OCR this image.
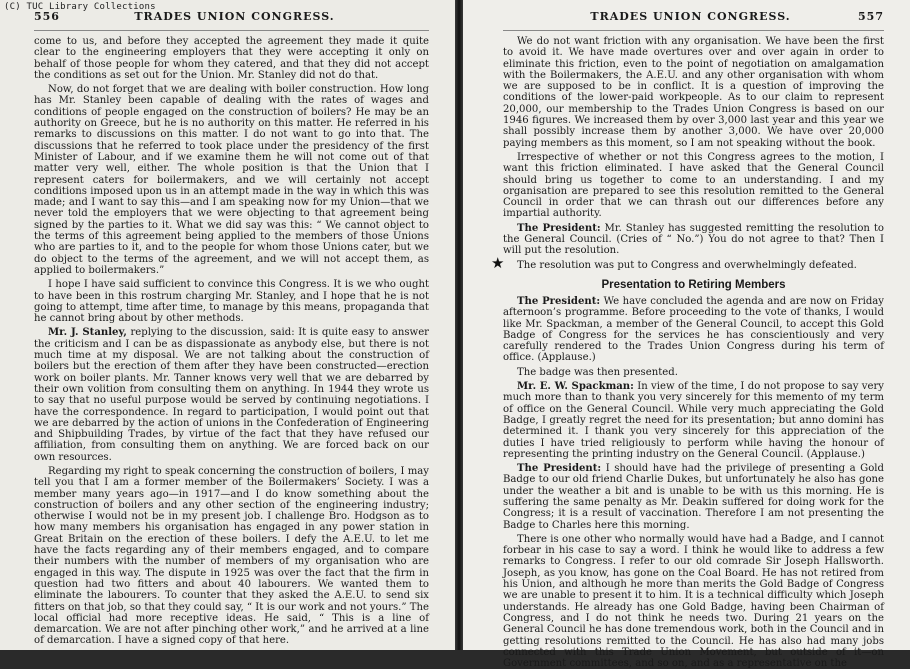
556	TRADES UNION CONGRESS.

come to us, and before they accepted the agreement they made it quite clear to the engineering employers that they were accepting it only on behalf of those people for whom they catered, and that they did not accept the conditions as set out for the Union. Mr. Stanley did not do that.

Now, do not forget that we are dealing with boiler construction. How long has Mr. Stanley been capable of dealing with the rates of wages and conditions of people engaged on the construction of boilers? He may be an authority on Greece, but he is no authority on this matter. He referred in his remarks to discussions on this matter. I do not want to go into that. The discussions that he referred to took place under the presidency of the first Minister of Labour, and if we examine them he will not come out of that matter very well, either. The whole position is that the Union that I represent caters for boilermakers, and we will certainly not accept conditions imposed upon us in an attempt made in the way in which this was made; and I want to say this—and I am speaking now for my Union—that we never told the employers that we were objecting to that agreement being signed by the parties to it. What we did say was this: “ We cannot object to the terms of this agreement being applied to the members of those Unions who are parties to it, and to the people for whom those Unions cater, but we do object to the terms of the agreement, and we will not accept them, as applied to boilermakers.”

I hope I have said sufficient to convince this Congress. It is we who ought to have been in this rostrum charging Mr. Stanley, and I hope that he is not going to attempt, time after time, to manage by this means, propaganda that he cannot bring about by other methods.

Mr. J. Stanley, replying to the discussion, said: It is quite easy to answer the criticism and I can be as dispassionate as anybody else, but there is not much time at my disposal. We are not talking about the construction of boilers but the erection of them after they have been constructed—erection work on boiler plants. Mr. Tanner knows very well that we are debarred by their own volition from consulting them on anything. In 1944 they wrote us to say that no useful purpose would be served by continuing negotiations. I have the correspondence. In regard to participation, I would point out that we are debarred by the action of unions in the Confederation of Engineering and Shipbuilding Trades, by virtue of the fact that they have refused our affiliation, from consulting them on anything. We are forced back on our own resources.

Regarding my right to speak concerning the construction of boilers, I may tell you that I am a former member of the Boilermakers’ Society. I was a member many years ago—in 1917—and I do know something about the construction of boilers and any other section of the engineering industry; otherwise I would not be in my present job. I challenge Bro. Hodgson as to how many members his organisation has engaged in any power station in Great Britain on the erection of these boilers. I defy the A.E.U. to let me have the facts regarding any of their members engaged, and to compare their numbers with the number of members of my organisation who are engaged in this way. The dispute in 1925 was over the fact that the firm in question had two fitters and about 40 labourers. We wanted them to eliminate the labourers. To counter that they asked the A.E.U. to send six fitters on that job, so that they could say, “ It is our work and not yours.” The local official had more receptive ideas. He said, “ This is a line of demarcation. We are not after pinching other work,” and he arrived at a line of demarcation. I have a signed copy of that here.

TRADES UNION CONGRESS.	557

We do not want friction with any organisation. We have been the first to avoid it. We have made overtures over and over again in order to eliminate this friction, even to the point of negotiation on amalgamation with the Boilermakers, the A.E.U. and any other organisation with whom we are supposed to be in conflict. It is a question of improving the conditions of the lower-paid workpeople. As to our claim to represent 20,000, our membership to the Trades Union Congress is based on our 1946 figures. We increased them by over 3,000 last year and this year we shall possibly increase them by another 3,000. We have over 20,000 paying members as this moment, so I am not speaking without the book.

Irrespective of whether or not this Congress agrees to the motion, I want this friction eliminated. I have asked that the General Council should bring us together to come to an understanding. I and my organisation are prepared to see this resolution remitted to the General Council in order that we can thrash out our differences before any impartial authority.

The President: Mr. Stanley has suggested remitting the resolution to the General Council. (Cries of “ No.”) You do not agree to that? Then I will put the resolution.

★ The resolution was put to Congress and overwhelmingly defeated.

Presentation to Retiring Members

The President: We have concluded the agenda and are now on Friday afternoon’s programme. Before proceeding to the vote of thanks, I would like Mr. Spackman, a member of the General Council, to accept this Gold Badge of Congress for the services he has conscientiously and very carefully rendered to the Trades Union Congress during his term of office. (Applause.)

The badge was then presented.

Mr. E. W. Spackman: In view of the time, I do not propose to say very much more than to thank you very sincerely for this memento of my term of office on the General Council. While very much appreciating the Gold Badge, I greatly regret the need for its presentation; but anno domini has determined it. I thank you very sincerely for this appreciation of the duties I have tried religiously to perform while having the honour of representing the printing industry on the General Council. (Applause.)

The President: I should have had the privilege of presenting a Gold Badge to our old friend Charlie Dukes, but unfortunately he also has gone under the weather a bit and is unable to be with us this morning. He is suffering the same penalty as Mr. Deakin suffered for doing work for the Congress; it is a result of vaccination. Therefore I am not presenting the Badge to Charles here this morning.

There is one other who normally would have had a Badge, and I cannot forbear in his case to say a word. I think he would like to address a few remarks to Congress. I refer to our old comrade Sir Joseph Hallsworth. Joseph, as you know, has gone on the Coal Board. He has not retired from his Union, and although he more than merits the Gold Badge of Congress we are unable to present it to him. It is a technical difficulty which Joseph understands. He already has one Gold Badge, having been Chairman of Congress, and I do not think he needs two. During 21 years on the General Council he has done tremendous work, both in the Council and in getting resolutions remitted to the Council. He has also had many jobs connected with this Trade Union Movement, but outside of it—on Government committees, and so on, and as a representative on the

(C) TUC Library Collections
